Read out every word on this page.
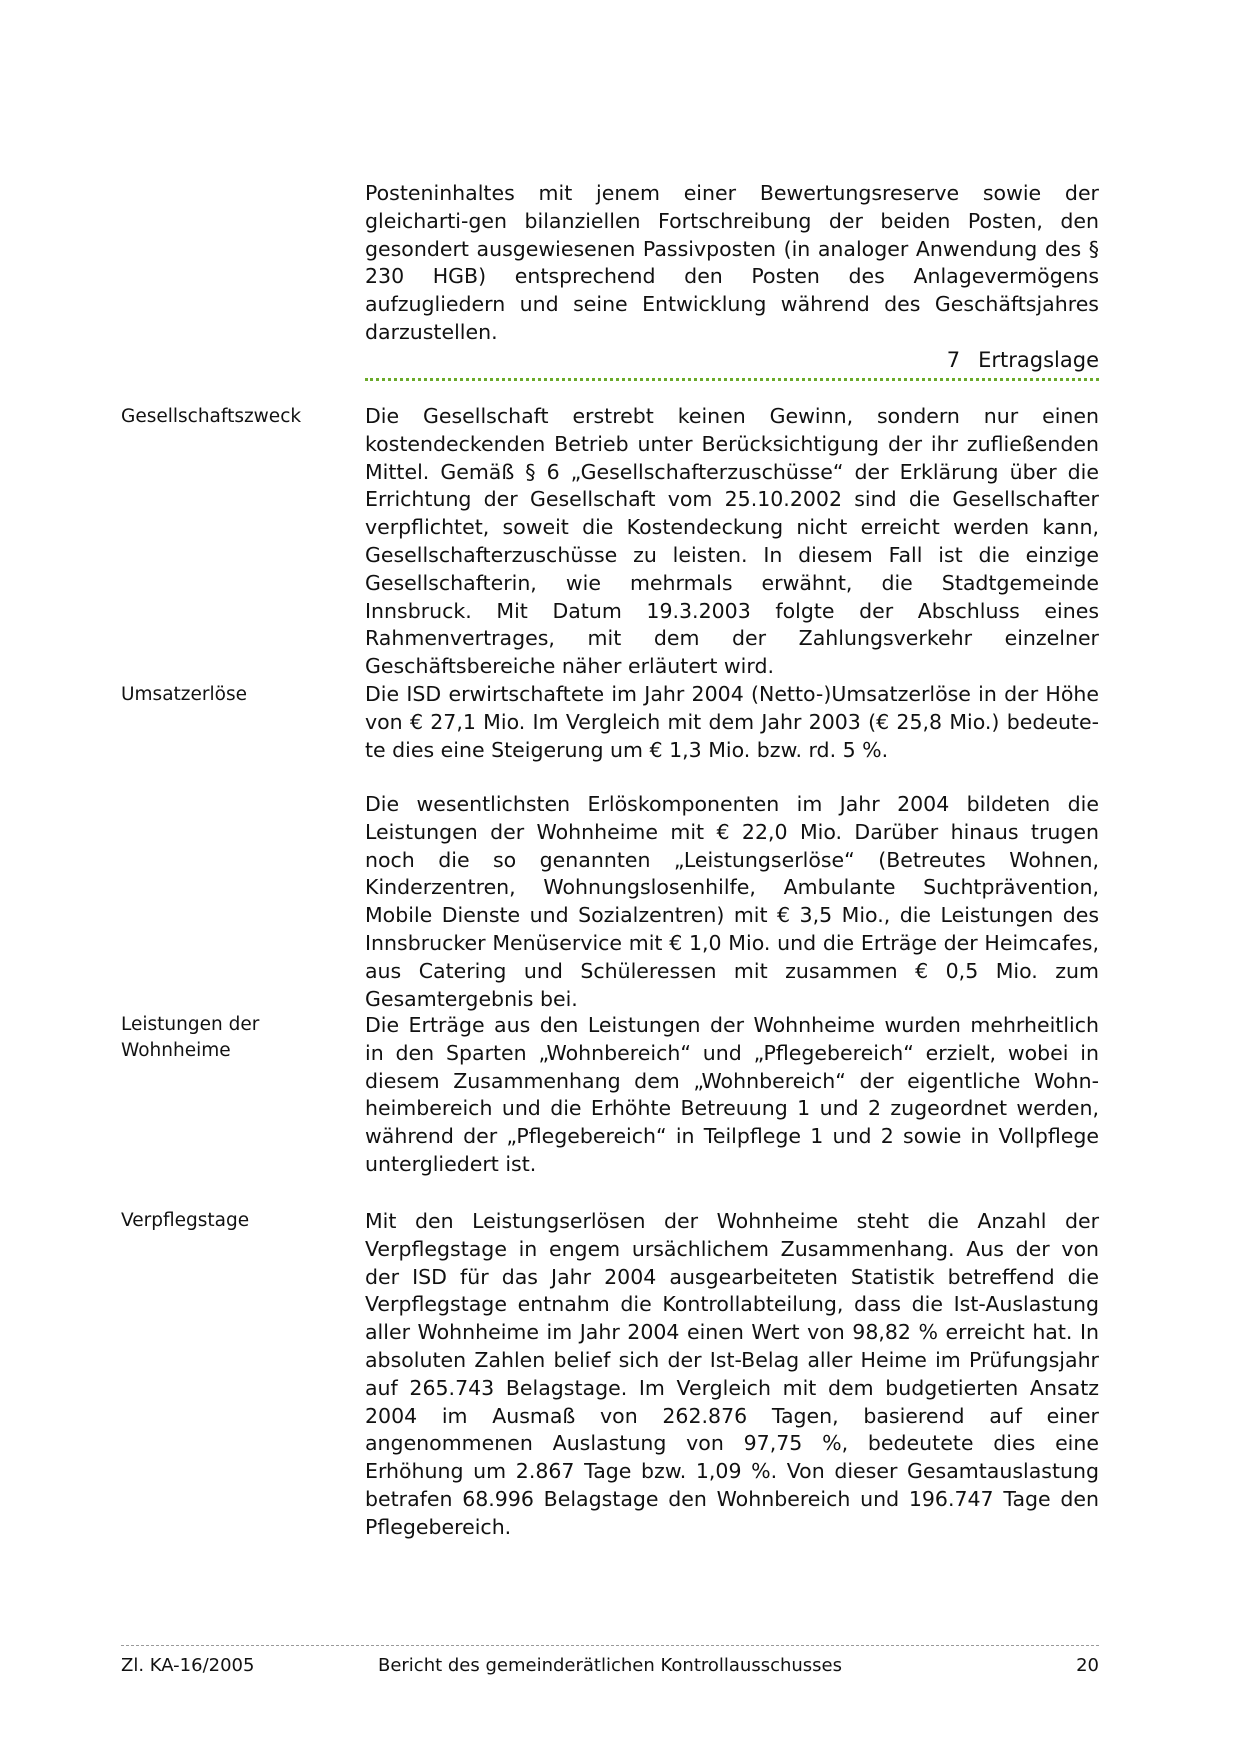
Posteninhaltes mit jenem einer Bewertungsreserve sowie der gleicharti-gen bilanziellen Fortschreibung der beiden Posten, den gesondert ausgewiesenen Passivposten (in analoger Anwendung des § 230 HGB) entsprechend den Posten des Anlagevermögens aufzugliedern und seine Entwicklung während des Geschäftsjahres darzustellen.

7 Ertragslage
Gesellschaftszweck	Die Gesellschaft erstrebt keinen Gewinn, sondern nur einen kostendeckenden Betrieb unter Berücksichtigung der ihr zufließenden Mittel. Gemäß § 6 „Gesellschafterzuschüsse“ der Erklärung über die Errichtung der Gesellschaft vom 25.10.2002 sind die Gesellschafter verpflichtet, soweit die Kostendeckung nicht erreicht werden kann, Gesellschafterzuschüsse zu leisten. In diesem Fall ist die einzige Gesellschafterin, wie mehrmals erwähnt, die Stadtgemeinde Innsbruck. Mit Datum 19.3.2003 folgte der Abschluss eines Rahmenvertrages, mit dem der Zahlungsverkehr einzelner Geschäftsbereiche näher erläutert wird.

Umsatzerlöse	Die ISD erwirtschaftete im Jahr 2004 (Netto-)Umsatzerlöse in der Höhe von € 27,1 Mio. Im Vergleich mit dem Jahr 2003 (€ 25,8 Mio.) bedeutete dies eine Steigerung um € 1,3 Mio. bzw. rd. 5 %.

Die wesentlichsten Erlöskomponenten im Jahr 2004 bildeten die Leistungen der Wohnheime mit € 22,0 Mio. Darüber hinaus trugen noch die so genannten „Leistungserlöse“ (Betreutes Wohnen, Kinderzentren, Wohnungslosenhilfe, Ambulante Suchtprävention, Mobile Dienste und Sozialzentren) mit € 3,5 Mio., die Leistungen des Innsbrucker Menüservice mit € 1,0 Mio. und die Erträge der Heimcafes, aus Catering und Schüleressen mit zusammen € 0,5 Mio. zum Gesamtergebnis bei.

Leistungen der Wohnheime

Die Erträge aus den Leistungen der Wohnheime wurden mehrheitlich in den Sparten „Wohnbereich“ und „Pflegebereich“ erzielt, wobei in diesem Zusammenhang dem „Wohnbereich“ der eigentliche Wohnheimbereich und die Erhöhte Betreuung 1 und 2 zugeordnet werden, während der „Pflegebereich“ in Teilpflege 1 und 2 sowie in Vollpflege untergliedert ist.

Verpflegstage	Mit den Leistungserlösen der Wohnheime steht die Anzahl der Verpflegstage in engem ursächlichem Zusammenhang. Aus der von der ISD für das Jahr 2004 ausgearbeiteten Statistik betreffend die Verpflegstage entnahm die Kontrollabteilung, dass die Ist-Auslastung aller Wohnheime im Jahr 2004 einen Wert von 98,82 % erreicht hat. In absoluten Zahlen belief sich der Ist-Belag aller Heime im Prüfungsjahr auf 265.743 Belagstage. Im Vergleich mit dem budgetierten Ansatz 2004 im Ausmaß von 262.876 Tagen, basierend auf einer angenommenen Auslastung von 97,75 %, bedeutete dies eine Erhöhung um 2.867 Tage bzw. 1,09 %. Von dieser Gesamtauslastung betrafen 68.996 Belagstage den Wohnbereich und 196.747 Tage den Pflegebereich.

Zl. KA-16/2005	Bericht des gemeinderätlichen Kontrollausschusses	20
